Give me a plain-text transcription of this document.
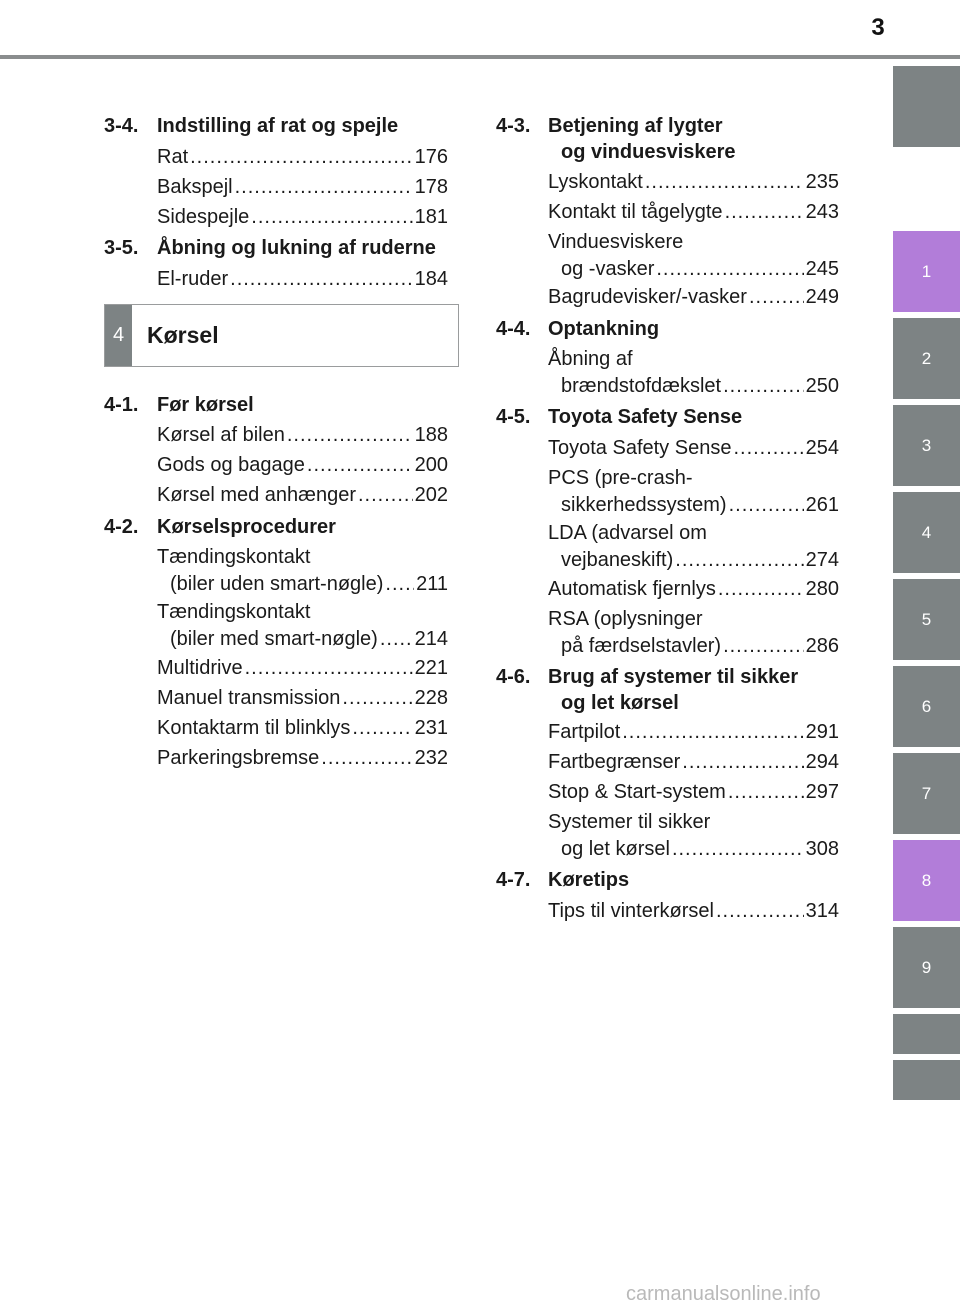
3
1
2
3
4
5
6
7
8
9
3-4. Indstilling af rat og spejle
Rat .....	176
Bakspejl .....	178
Sidespejle .....	181
3-5. Åbning og lukning af ruderne
El-ruder .....	184
4 Kørsel
4-1. Før kørsel
Kørsel af bilen .....	188
Gods og bagage .....	200
Kørsel med anhænger .....	202
4-2. Kørselsprocedurer
Tændingskontakt
(biler uden smart-nøgle) ..... 211
Tændingskontakt
(biler med smart-nøgle) ..... 214
Multidrive .....	221
Manuel transmission .....	228
Kontaktarm til blinklys .....	231
Parkeringsbremse .....	232
4-3. Betjening af lygter
og vinduesviskere
Lyskontakt .....	235
Kontakt til tågelygte .....	243
Vinduesviskere
og -vasker .....	245
Bagrudevisker/-vasker .....	249
4-4. Optankning
Åbning af
brændstofdækslet .....	250
4-5. Toyota Safety Sense
Toyota Safety Sense .....	254
PCS (pre-crash-
sikkerhedssystem) .....	261
LDA (advarsel om
vejbaneskift) .....	274
Automatisk fjernlys .....	280
RSA (oplysninger
på færdselstavler) .....	286
4-6. Brug af systemer til sikker
og let kørsel
Fartpilot .....	291
Fartbegrænser .....	294
Stop & Start-system .....	297
Systemer til sikker
og let kørsel .....	308
4-7. Køretips
Tips til vinterkørsel .....	314
carmanualsonline.info
